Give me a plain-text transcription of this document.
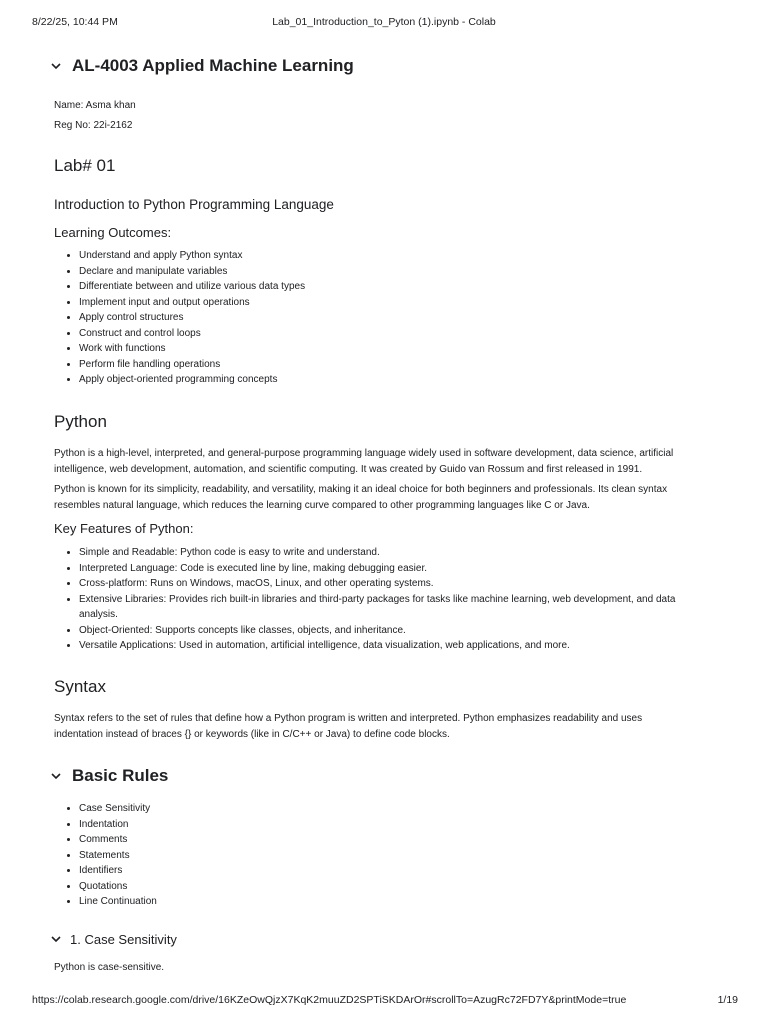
8/22/25, 10:44 PM	Lab_01_Introduction_to_Pyton (1).ipynb - Colab
AL-4003 Applied Machine Learning
Name: Asma khan
Reg No: 22i-2162
Lab# 01
Introduction to Python Programming Language
Learning Outcomes:
• Understand and apply Python syntax
• Declare and manipulate variables
• Differentiate between and utilize various data types
• Implement input and output operations
• Apply control structures
• Construct and control loops
• Work with functions
• Perform file handling operations
• Apply object-oriented programming concepts
Python
Python is a high-level, interpreted, and general-purpose programming language widely used in software development, data science, artificial
intelligence, web development, automation, and scientific computing. It was created by Guido van Rossum and first released in 1991.
Python is known for its simplicity, readability, and versatility, making it an ideal choice for both beginners and professionals. Its clean syntax
resembles natural language, which reduces the learning curve compared to other programming languages like C or Java.
Key Features of Python:
• Simple and Readable: Python code is easy to write and understand.
• Interpreted Language: Code is executed line by line, making debugging easier.
• Cross-platform: Runs on Windows, macOS, Linux, and other operating systems.
• Extensive Libraries: Provides rich built-in libraries and third-party packages for tasks like machine learning, web development, and data
analysis.
• Object-Oriented: Supports concepts like classes, objects, and inheritance.
• Versatile Applications: Used in automation, artificial intelligence, data visualization, web applications, and more.
Syntax
Syntax refers to the set of rules that define how a Python program is written and interpreted. Python emphasizes readability and uses
indentation instead of braces {} or keywords (like in C/C++ or Java) to define code blocks.
Basic Rules
• Case Sensitivity
• Indentation
• Comments
• Statements
• Identifiers
• Quotations
• Line Continuation
1. Case Sensitivity
Python is case-sensitive.
https://colab.research.google.com/drive/16KZeOwQjzX7KqK2muuZD2SPTiSKDArOr#scrollTo=AzugRc72FD7Y&printMode=true	1/19
